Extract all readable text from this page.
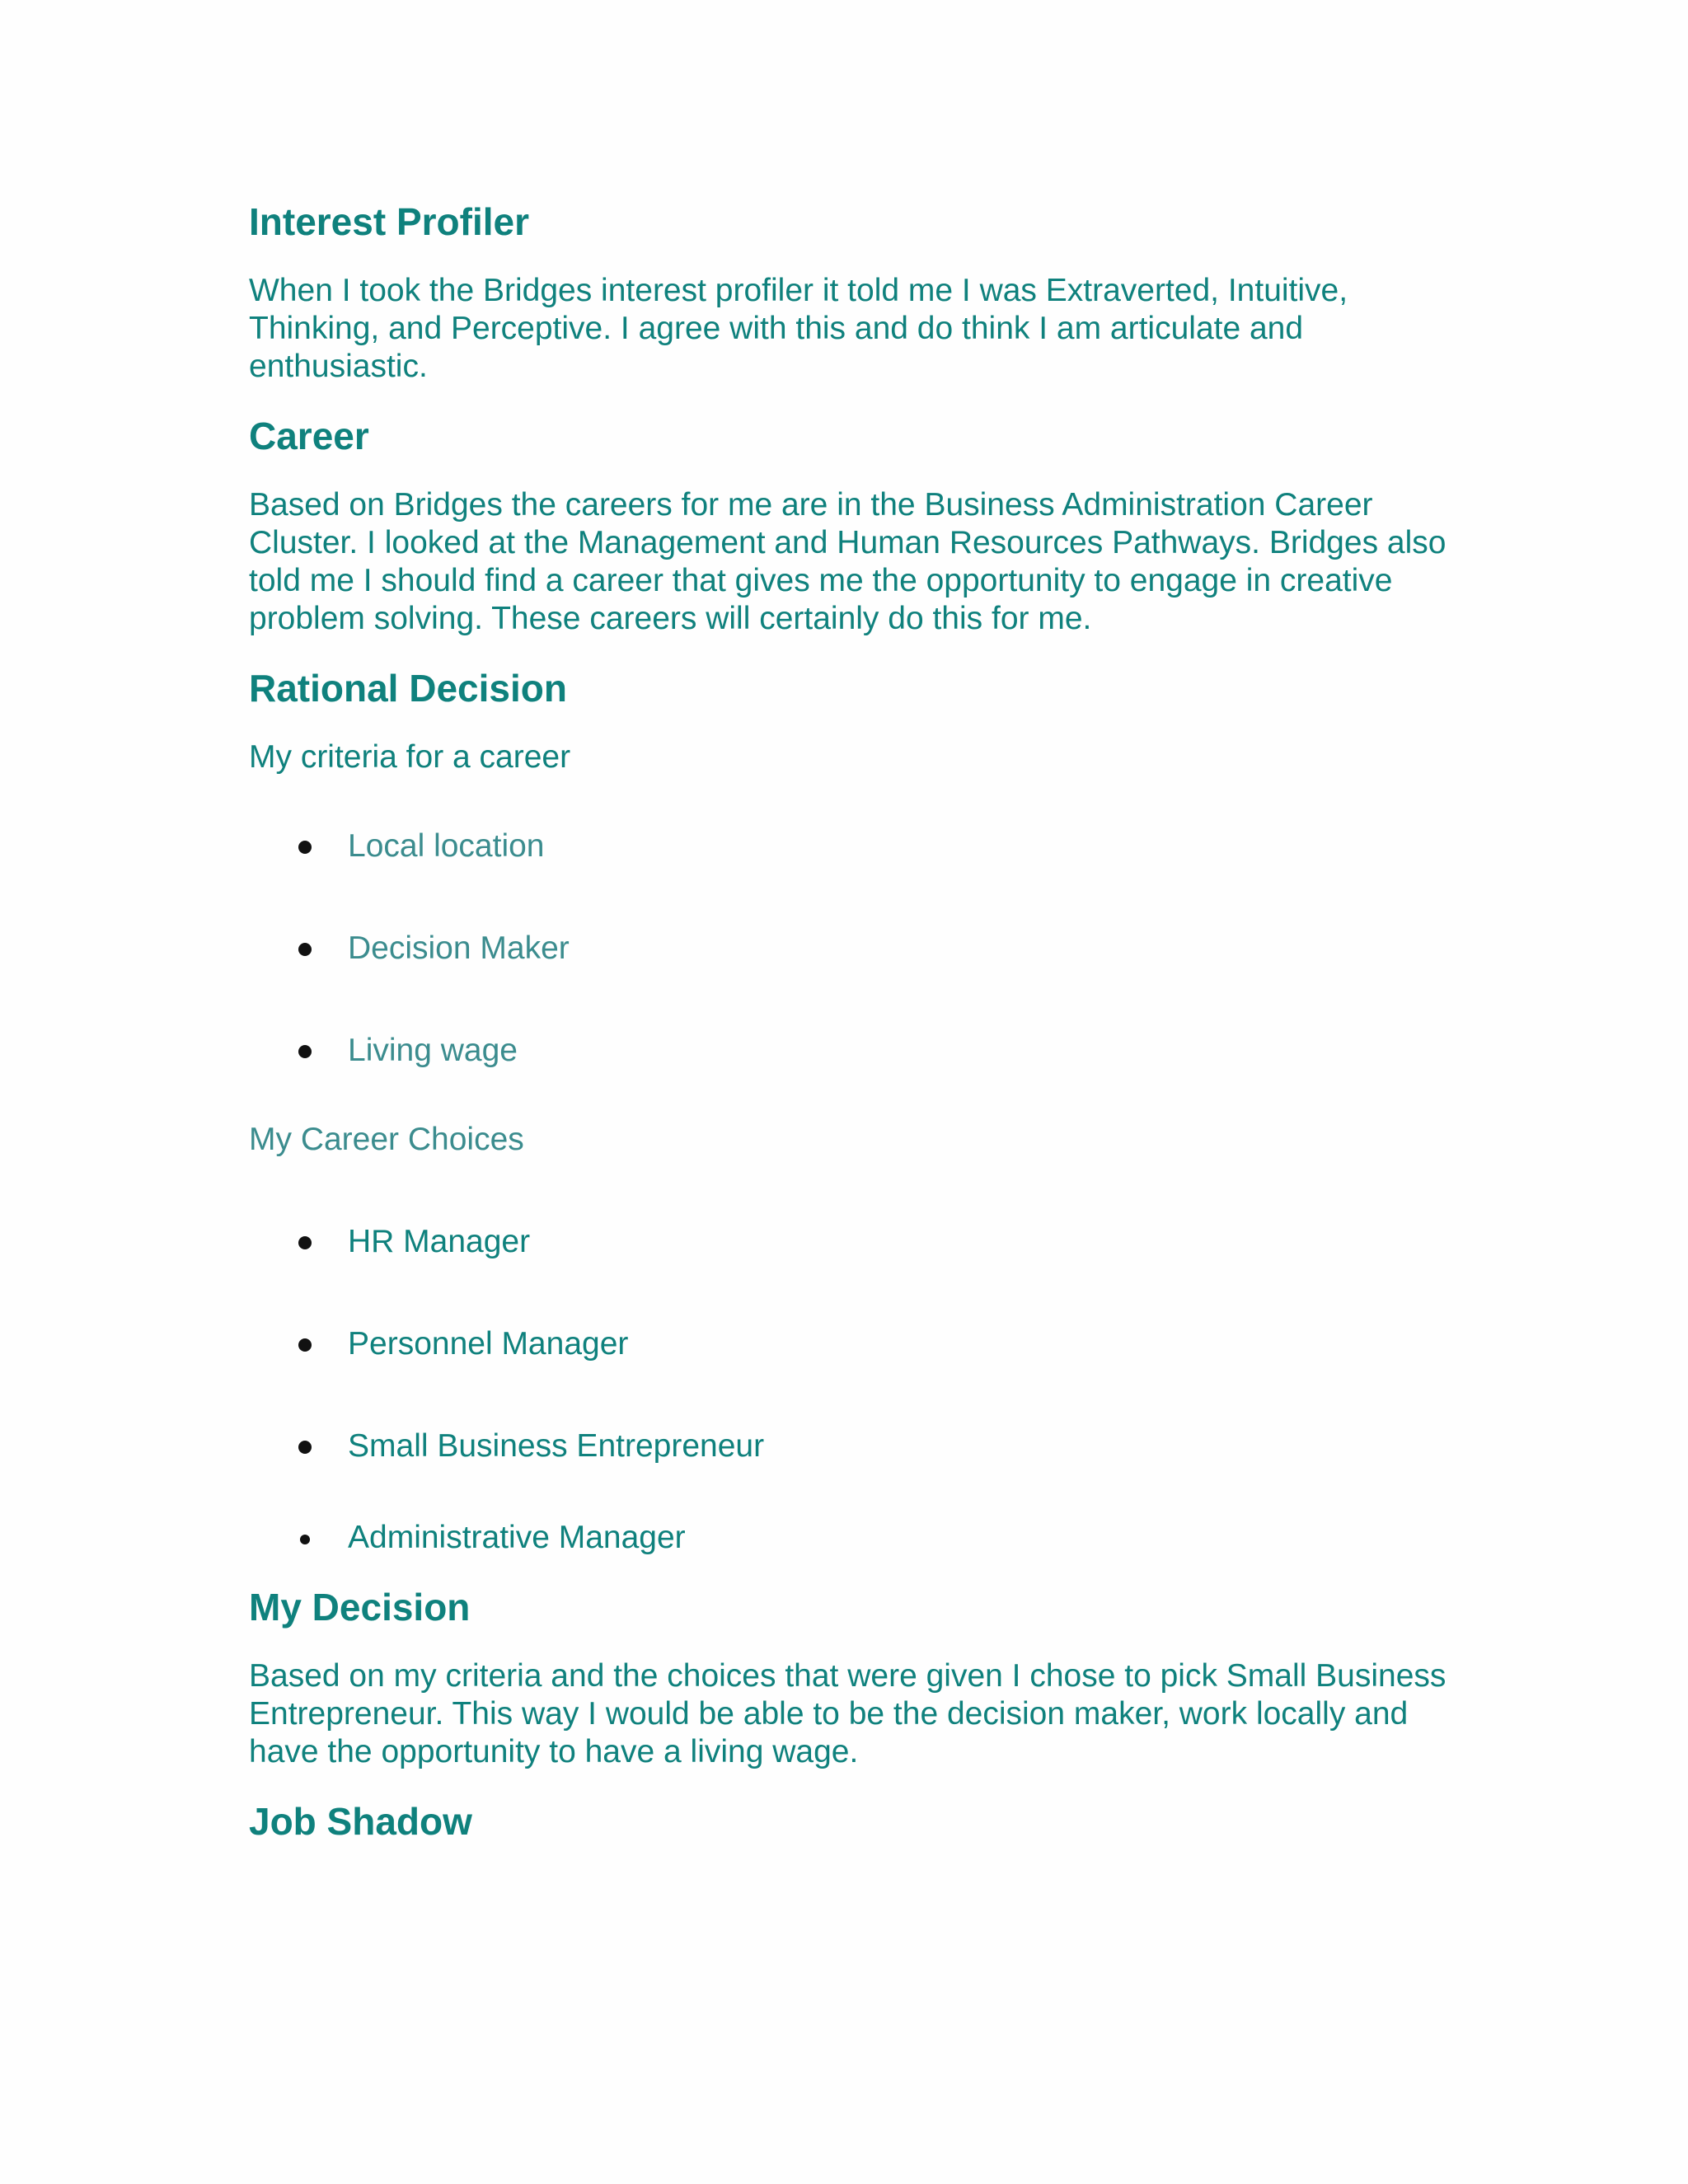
Interest Profiler

When I took the Bridges interest profiler it told me I was Extraverted, Intuitive, Thinking, and Perceptive. I agree with this and do think I am articulate and enthusiastic.

Career

Based on Bridges the careers for me are in the Business Administration Career Cluster. I looked at the Management and Human Resources Pathways. Bridges also told me I should find a career that gives me the opportunity to engage in creative problem solving. These careers will certainly do this for me.

Rational Decision

My criteria for a career

Local location
Decision Maker
Living wage

My Career Choices

HR Manager
Personnel Manager
Small Business Entrepreneur
Administrative Manager
My Decision

Based on my criteria and the choices that were given I chose to pick Small Business Entrepreneur. This way I would be able to be the decision maker, work locally and have the opportunity to have a living wage.

Job Shadow
